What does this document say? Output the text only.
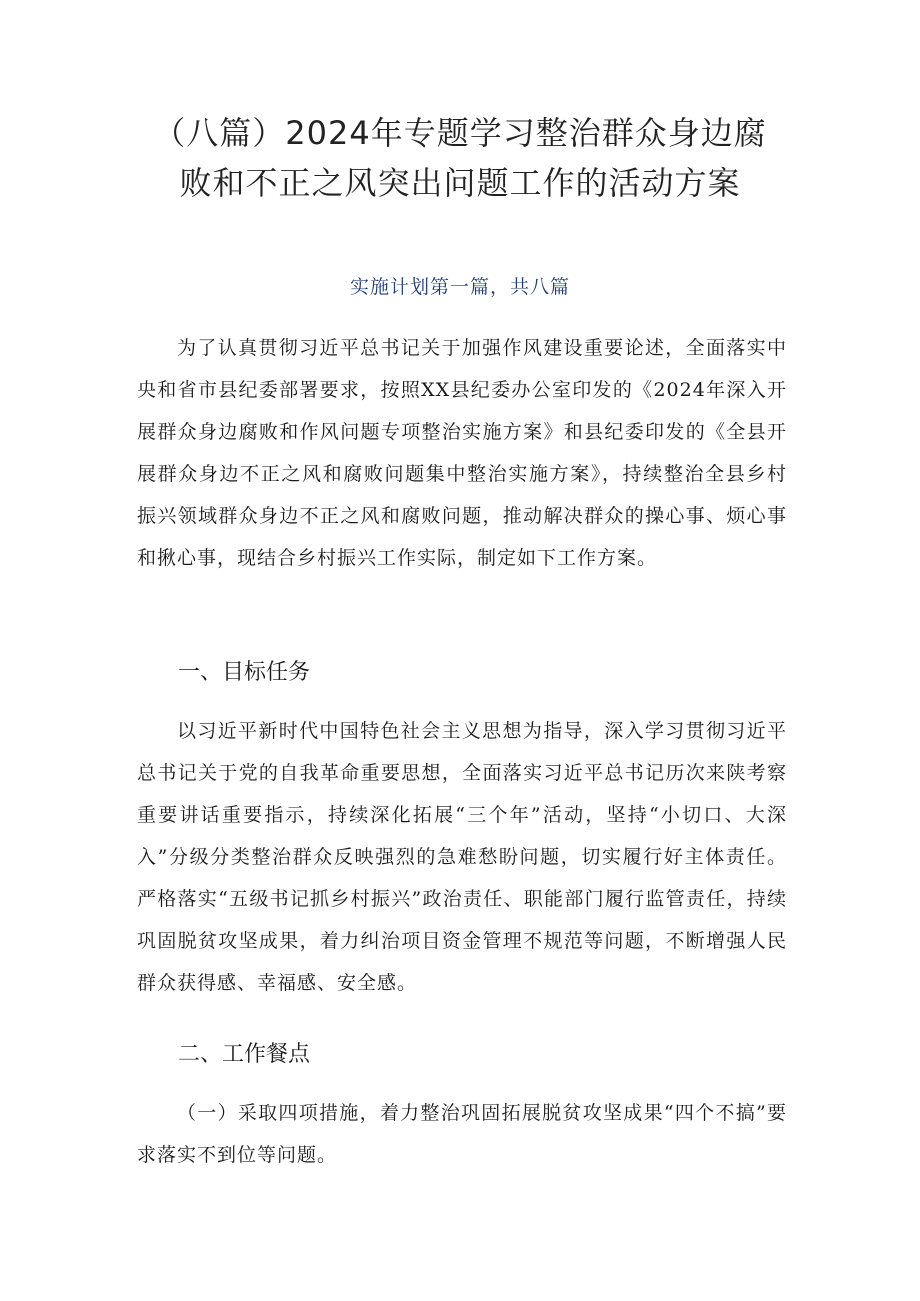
（八篇）2024年专题学习整治群众身边腐
败和不正之风突出问题工作的活动方案

实施计划第一篇，共八篇

为了认真贯彻习近平总书记关于加强作风建设重要论述，全面落实中央和省市县纪委部署要求，按照XX县纪委办公室印发的《2024年深入开展群众身边腐败和作风问题专项整治实施方案》和县纪委印发的《全县开展群众身边不正之风和腐败问题集中整治实施方案》，持续整治全县乡村振兴领域群众身边不正之风和腐败问题，推动解决群众的操心事、烦心事和揪心事，现结合乡村振兴工作实际，制定如下工作方案。

一、目标任务

以习近平新时代中国特色社会主义思想为指导，深入学习贯彻习近平总书记关于党的自我革命重要思想，全面落实习近平总书记历次来陕考察重要讲话重要指示，持续深化拓展“三个年”活动，坚持“小切口、大深入”分级分类整治群众反映强烈的急难愁盼问题，切实履行好主体责任。严格落实“五级书记抓乡村振兴”政治责任、职能部门履行监管责任，持续巩固脱贫攻坚成果，着力纠治项目资金管理不规范等问题，不断增强人民群众获得感、幸福感、安全感。

二、工作餐点

（一）采取四项措施，着力整治巩固拓展脱贫攻坚成果“四个不搞”要求落实不到位等问题。
